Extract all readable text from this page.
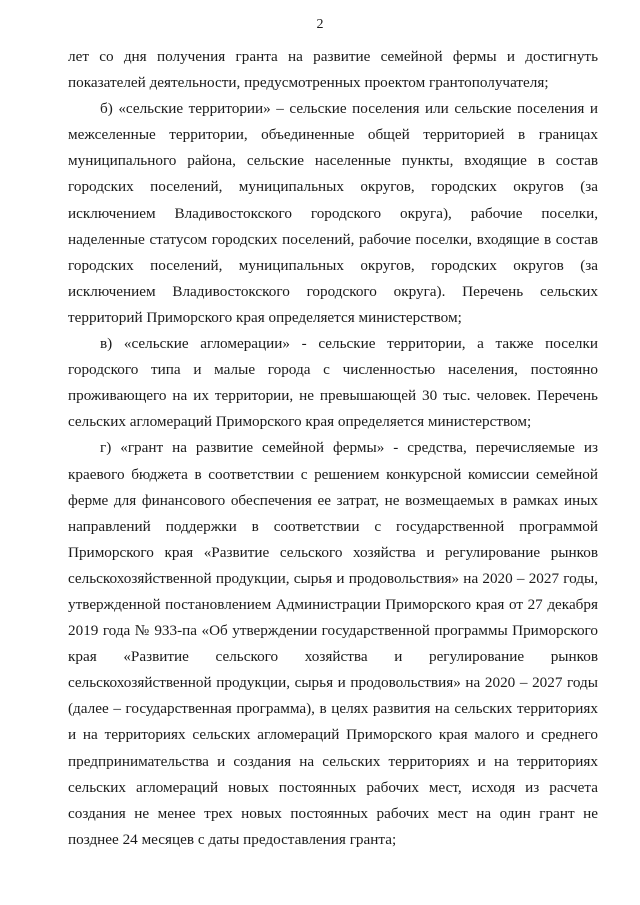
2

лет со дня получения гранта на развитие семейной фермы и достигнуть показателей деятельности, предусмотренных проектом грантополучателя;

б) «сельские территории» – сельские поселения или сельские поселения и межселенные территории, объединенные общей территорией в границах муниципального района, сельские населенные пункты, входящие в состав городских поселений, муниципальных округов, городских округов (за исключением Владивостокского городского округа), рабочие поселки, наделенные статусом городских поселений, рабочие поселки, входящие в состав городских поселений, муниципальных округов, городских округов (за исключением Владивостокского городского округа). Перечень сельских территорий Приморского края определяется министерством;

в) «сельские агломерации» - сельские территории, а также поселки городского типа и малые города с численностью населения, постоянно проживающего на их территории, не превышающей 30 тыс. человек. Перечень сельских агломераций Приморского края определяется министерством;

г) «грант на развитие семейной фермы» - средства, перечисляемые из краевого бюджета в соответствии с решением конкурсной комиссии семейной ферме для финансового обеспечения ее затрат, не возмещаемых в рамках иных направлений поддержки в соответствии с государственной программой Приморского края «Развитие сельского хозяйства и регулирование рынков сельскохозяйственной продукции, сырья и продовольствия» на 2020 – 2027 годы, утвержденной постановлением Администрации Приморского края от 27 декабря 2019 года № 933-па «Об утверждении государственной программы Приморского края «Развитие сельского хозяйства и регулирование рынков сельскохозяйственной продукции, сырья и продовольствия» на 2020 – 2027 годы (далее – государственная программа), в целях развития на сельских территориях и на территориях сельских агломераций Приморского края малого и среднего предпринимательства и создания на сельских территориях и на территориях сельских агломераций новых постоянных рабочих мест, исходя из расчета создания не менее трех новых постоянных рабочих мест на один грант не позднее 24 месяцев с даты предоставления гранта;
